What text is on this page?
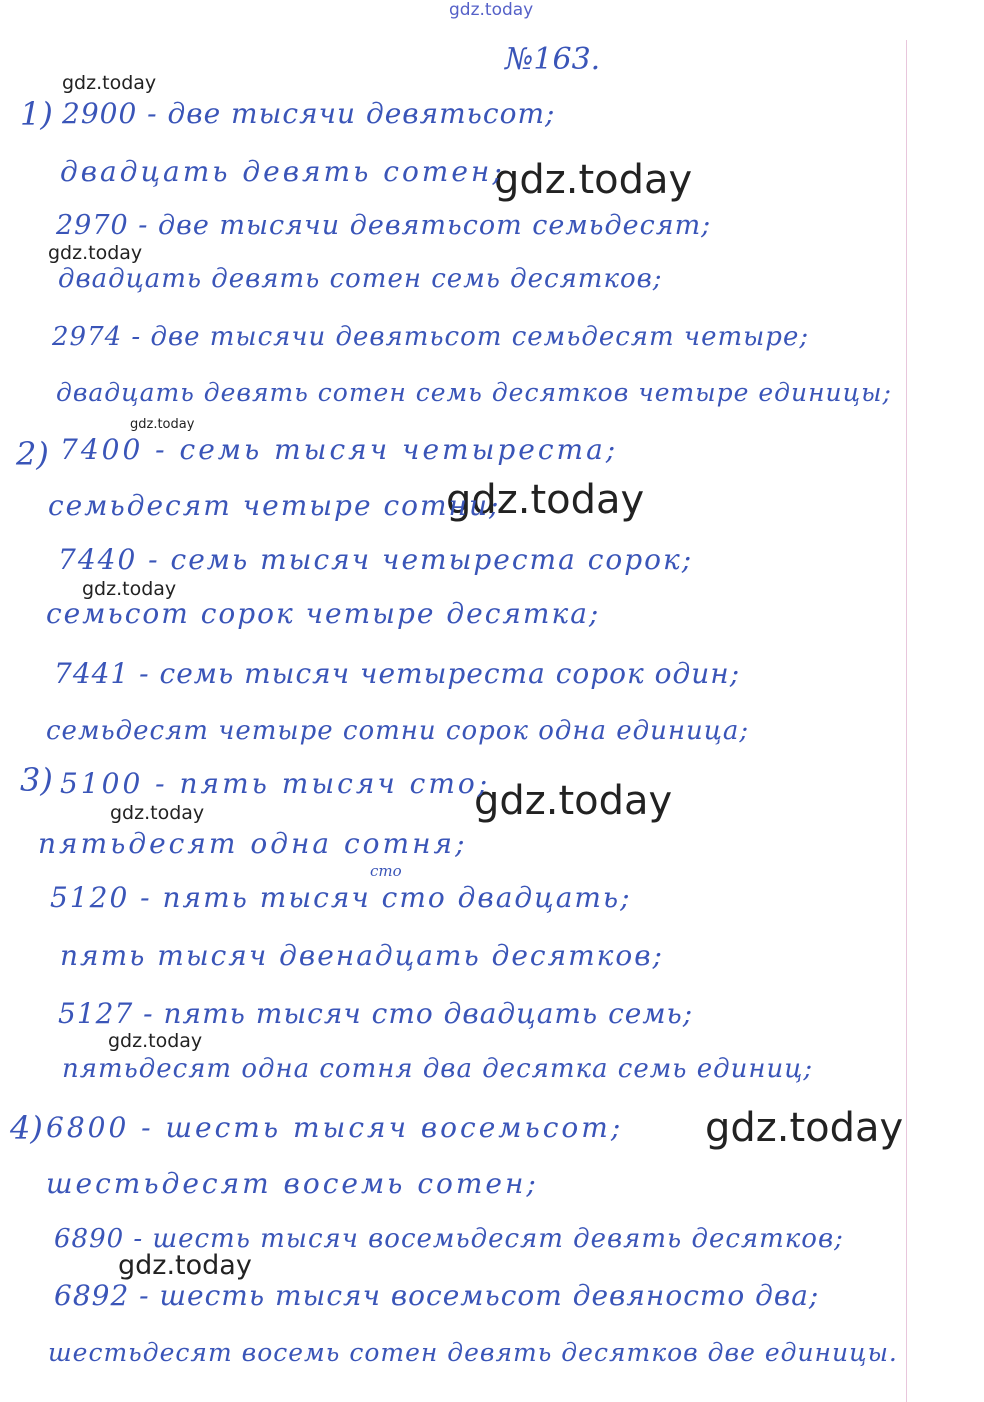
gdz.today
№163.
gdz.today
gdz.today
gdz.today
gdz.today
gdz.today
gdz.today
gdz.today
gdz.today
gdz.today
gdz.today
gdz.today
1)
2)
3)
4)
2900 - две тысячи девятьсот;
двадцать девять сотен;
2970 - две тысячи девятьсот семьдесят;
двадцать девять сотен семь десятков;
2974 - две тысячи девятьсот семьдесят четыре;
двадцать девять сотен семь десятков четыре единицы;
7400 - семь тысяч четыреста;
семьдесят четыре сотни;
7440 - семь тысяч четыреста сорок;
семьсот сорок четыре десятка;
7441 - семь тысяч четыреста сорок один;
семьдесят четыре сотни сорок одна единица;
5100 - пять тысяч сто;
пятьдесят одна сотня;
сто
5120 - пять тысяч сто двадцать;
пять тысяч двенадцать десятков;
5127 - пять тысяч сто двадцать семь;
пятьдесят одна сотня два десятка семь единиц;
6800 - шесть тысяч восемьсот;
шестьдесят восемь сотен;
6890 - шесть тысяч восемьдесят девять десятков;
6892 - шесть тысяч восемьсот девяносто два;
шестьдесят восемь сотен девять десятков две единицы.
